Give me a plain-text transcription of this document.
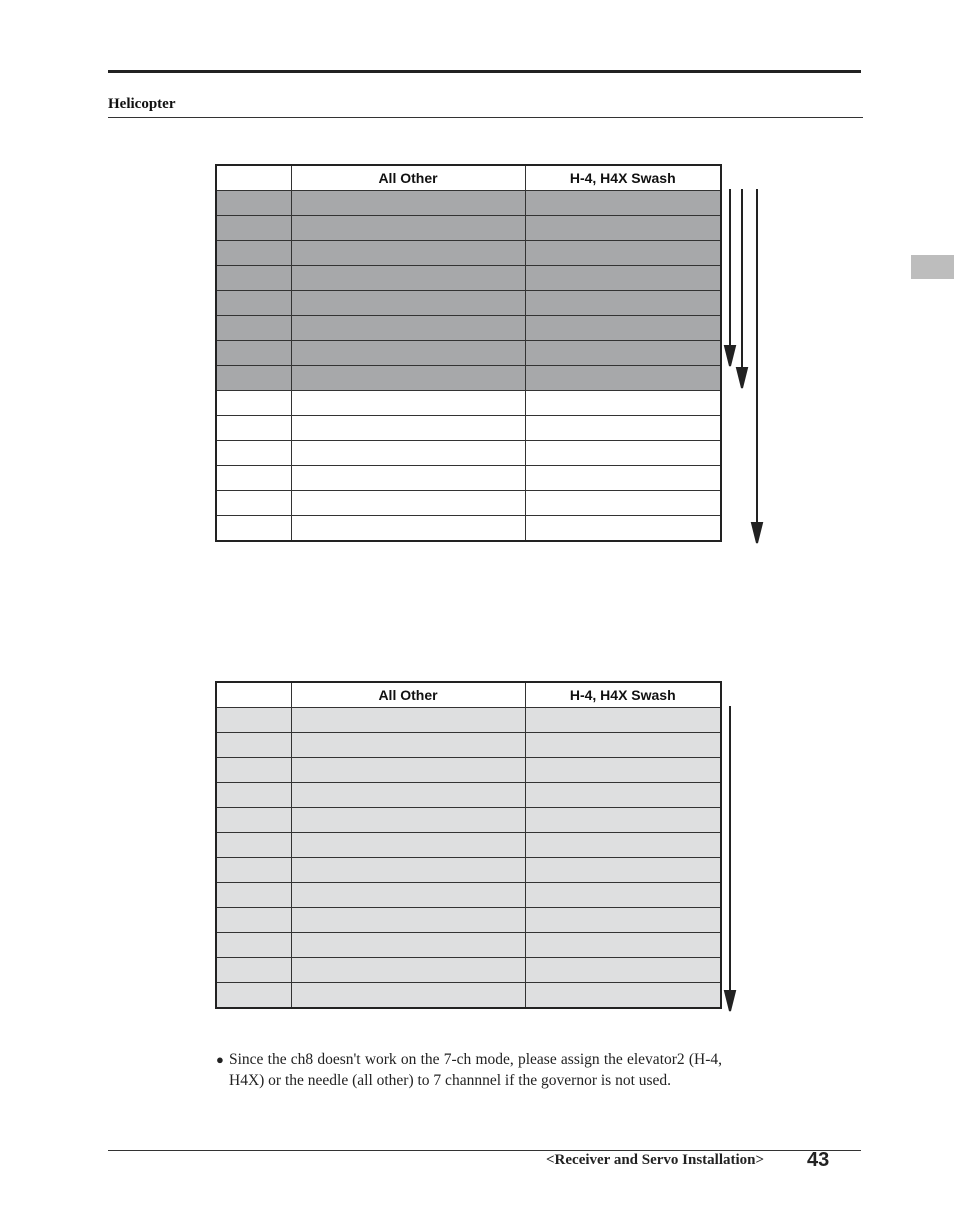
Helicopter
	All Other	H-4, H4X Swash

	All Other	H-4, H4X Swash

● Since the ch8 doesn't work on the 7-ch mode, please assign the elevator2 (H-4, H4X) or the needle (all other) to 7 channnel if the governor is not used.
<Receiver and Servo Installation> 43
